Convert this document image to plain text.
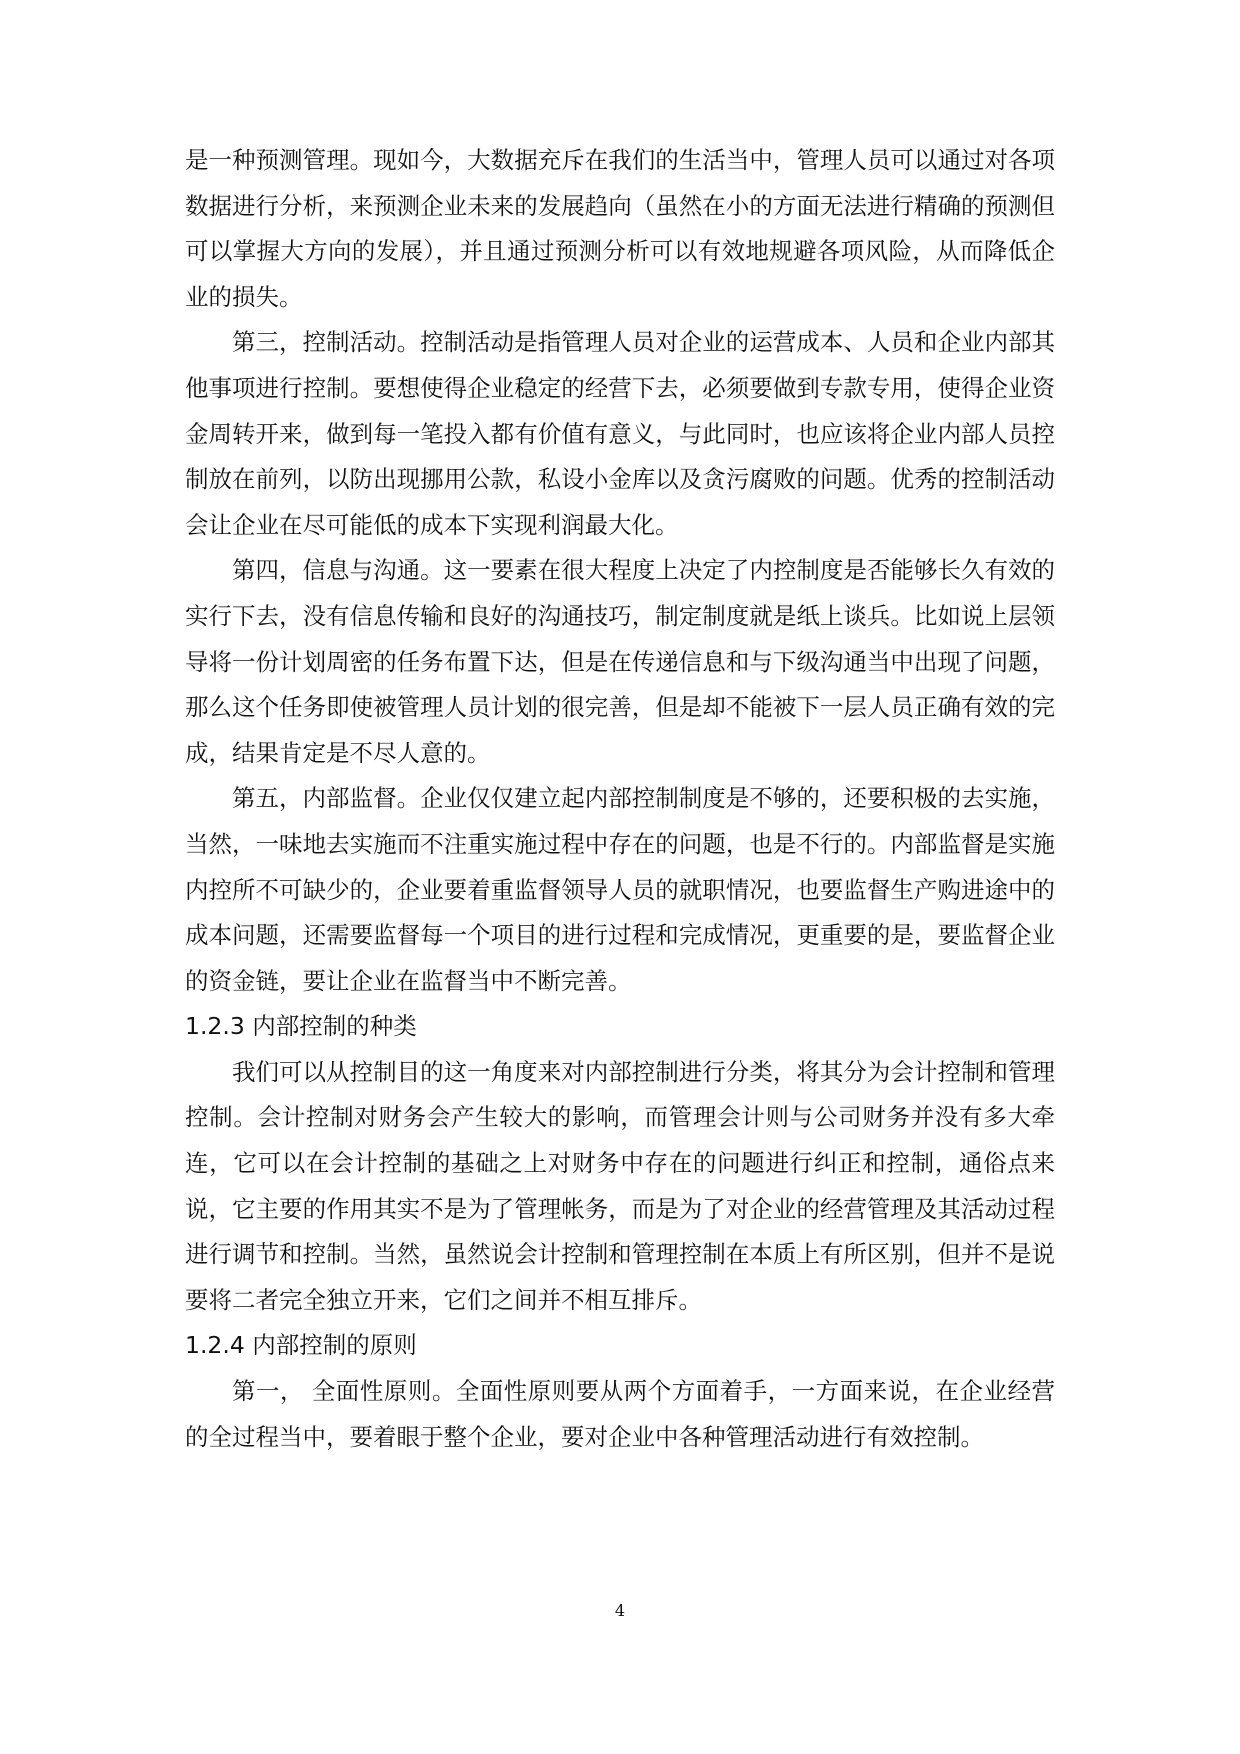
是一种预测管理。现如今，大数据充斥在我们的生活当中，管理人员可以通过对各项数据进行分析，来预测企业未来的发展趋向（虽然在小的方面无法进行精确的预测但可以掌握大方向的发展），并且通过预测分析可以有效地规避各项风险，从而降低企业的损失。

第三，控制活动。控制活动是指管理人员对企业的运营成本、人员和企业内部其他事项进行控制。要想使得企业稳定的经营下去，必须要做到专款专用，使得企业资金周转开来，做到每一笔投入都有价值有意义，与此同时，也应该将企业内部人员控制放在前列，以防出现挪用公款，私设小金库以及贪污腐败的问题。优秀的控制活动会让企业在尽可能低的成本下实现利润最大化。

第四，信息与沟通。这一要素在很大程度上决定了内控制度是否能够长久有效的实行下去，没有信息传输和良好的沟通技巧，制定制度就是纸上谈兵。比如说上层领导将一份计划周密的任务布置下达，但是在传递信息和与下级沟通当中出现了问题，那么这个任务即使被管理人员计划的很完善，但是却不能被下一层人员正确有效的完成，结果肯定是不尽人意的。

第五，内部监督。企业仅仅建立起内部控制制度是不够的，还要积极的去实施，当然，一味地去实施而不注重实施过程中存在的问题，也是不行的。内部监督是实施内控所不可缺少的，企业要着重监督领导人员的就职情况，也要监督生产购进途中的成本问题，还需要监督每一个项目的进行过程和完成情况，更重要的是，要监督企业的资金链，要让企业在监督当中不断完善。

1.2.3 内部控制的种类

我们可以从控制目的这一角度来对内部控制进行分类，将其分为会计控制和管理控制。会计控制对财务会产生较大的影响，而管理会计则与公司财务并没有多大牵连，它可以在会计控制的基础之上对财务中存在的问题进行纠正和控制，通俗点来说，它主要的作用其实不是为了管理帐务，而是为了对企业的经营管理及其活动过程进行调节和控制。当然，虽然说会计控制和管理控制在本质上有所区别，但并不是说要将二者完全独立开来，它们之间并不相互排斥。

1.2.4 内部控制的原则

第一， 全面性原则。全面性原则要从两个方面着手，一方面来说，在企业经营的全过程当中，要着眼于整个企业，要对企业中各种管理活动进行有效控制。

4
